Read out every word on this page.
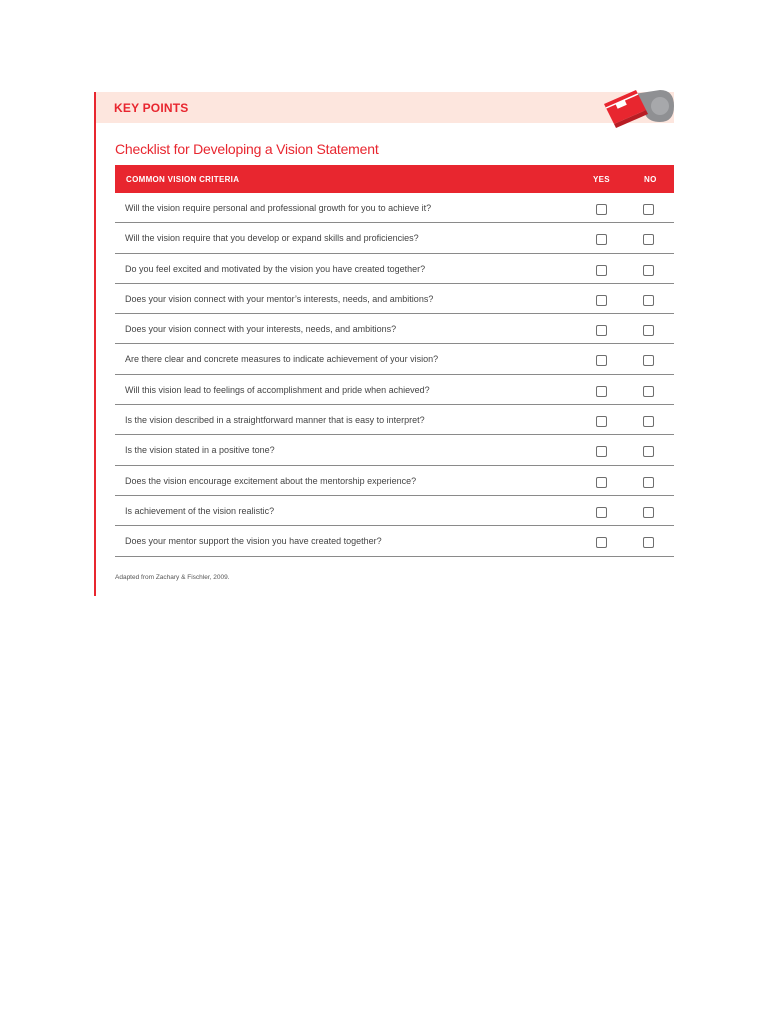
KEY POINTS
Checklist for Developing a Vision Statement
COMMON VISION CRITERIA	YES	NO
Will the vision require personal and professional growth for you to achieve it?
Will the vision require that you develop or expand skills and proficiencies?
Do you feel excited and motivated by the vision you have created together?
Does your vision connect with your mentor’s interests, needs, and ambitions?
Does your vision connect with your interests, needs, and ambitions?
Are there clear and concrete measures to indicate achievement of your vision?
Will this vision lead to feelings of accomplishment and pride when achieved?
Is the vision described in a straightforward manner that is easy to interpret?
Is the vision stated in a positive tone?
Does the vision encourage excitement about the mentorship experience?
Is achievement of the vision realistic?
Does your mentor support the vision you have created together?
Adapted from Zachary & Fischler, 2009.
